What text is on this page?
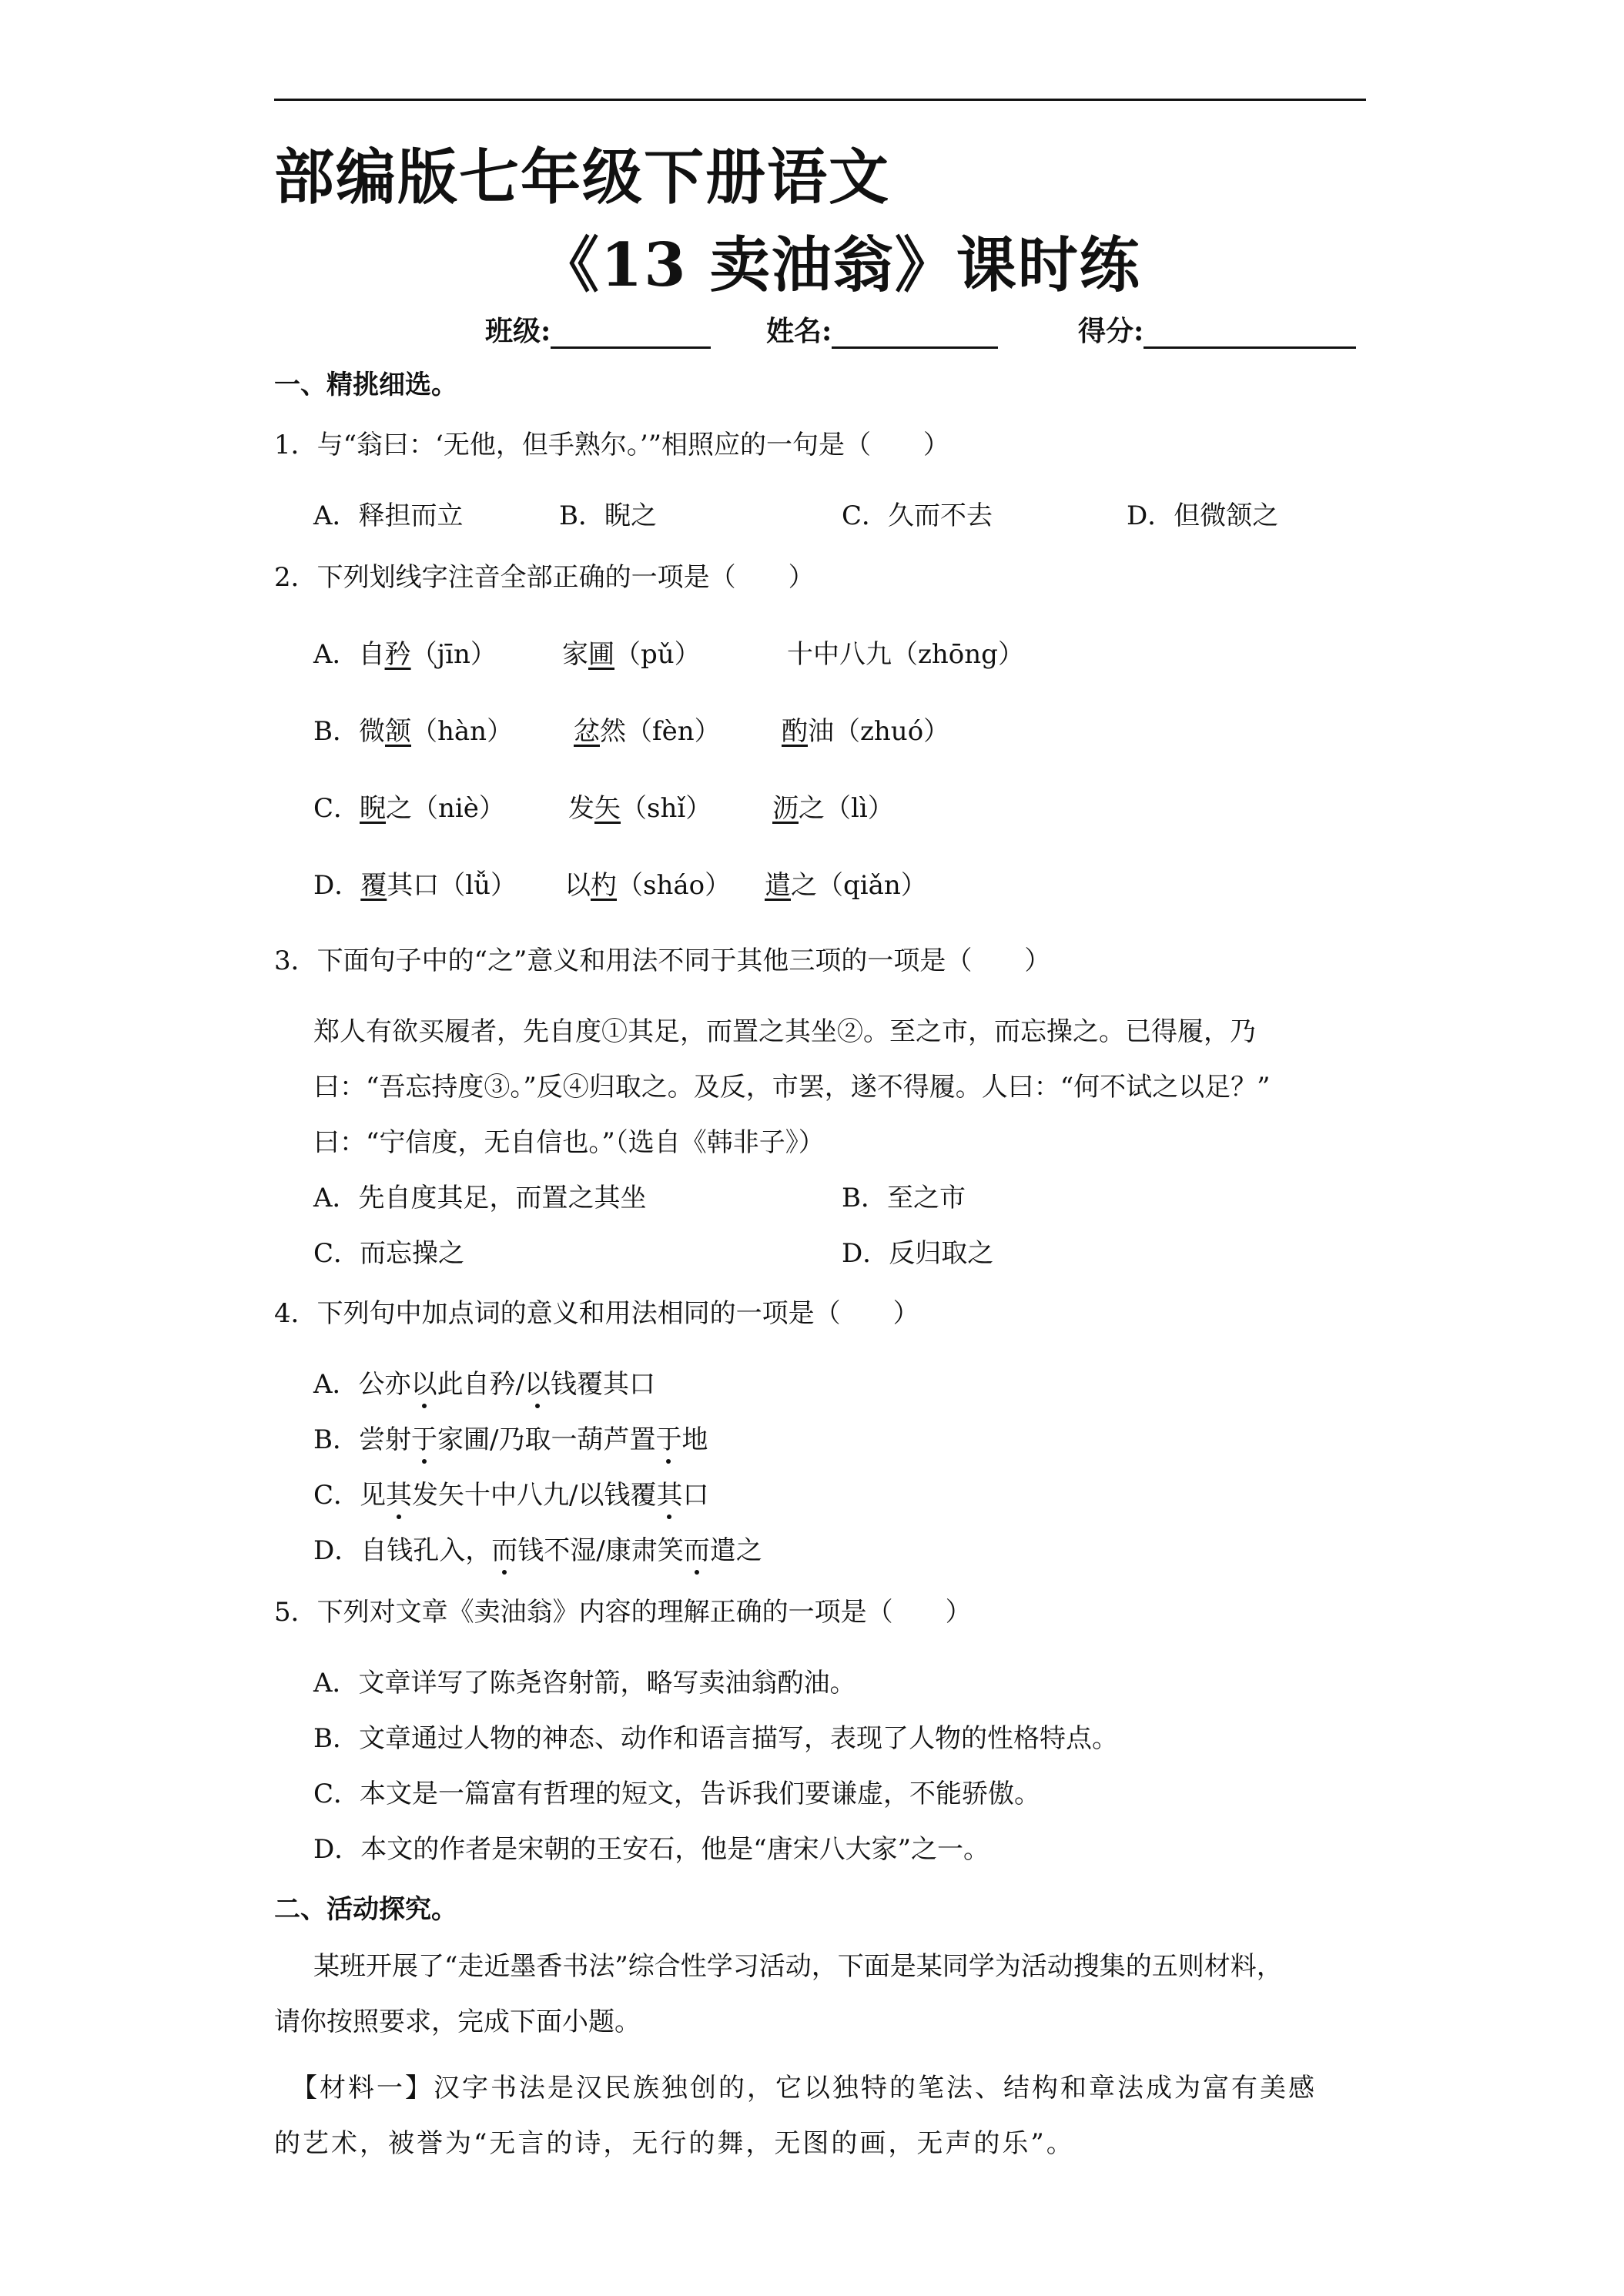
部编版七年级下册语文
《13 卖油翁》课时练
班级:	姓名:	得分:
一、精挑细选。
1．与“翁曰：‘无他，但手熟尔。’”相照应的一句是（　　）
A．释担而立	B．睨之	C．久而不去	D．但微颔之
2．下列划线字注音全部正确的一项是（　　）
A．自矜（jīn）	家圃（pǔ）	十中八九（zhōng）
B．微颔（hàn） 忿然（fèn） 酌油（zhuó）
C．睨之（niè） 发矢（shǐ） 沥之（lì）
D．覆其口（lǚ） 以杓（sháo） 遣之（qiǎn）
3．下面句子中的“之”意义和用法不同于其他三项的一项是（　　）
郑人有欲买履者，先自度①其足，而置之其坐②。至之市，而忘操之。已得履，乃
曰：“吾忘持度③。”反④归取之。及反，市罢，遂不得履。人曰：“何不试之以足？”
曰：“宁信度，无自信也。”（选自《韩非子》）
A．先自度其足，而置之其坐	B．至之市
C．而忘操之	D．反归取之
4．下列句中加点词的意义和用法相同的一项是（　　）
A．公亦以此自矜/以钱覆其口
B．尝射于家圃/乃取一葫芦置于地
C．见其发矢十中八九/以钱覆其口
D．自钱孔入，而钱不湿/康肃笑而遣之
5．下列对文章《卖油翁》内容的理解正确的一项是（　　）
A．文章详写了陈尧咨射箭，略写卖油翁酌油。
B．文章通过人物的神态、动作和语言描写，表现了人物的性格特点。
C．本文是一篇富有哲理的短文，告诉我们要谦虚，不能骄傲。
D．本文的作者是宋朝的王安石，他是“唐宋八大家”之一。
二、活动探究。
某班开展了“走近墨香书法”综合性学习活动，下面是某同学为活动搜集的五则材料，
请你按照要求，完成下面小题。
【材料一】汉字书法是汉民族独创的，它以独特的笔法、结构和章法成为富有美感
的艺术，被誉为“无言的诗，无行的舞，无图的画，无声的乐”。
